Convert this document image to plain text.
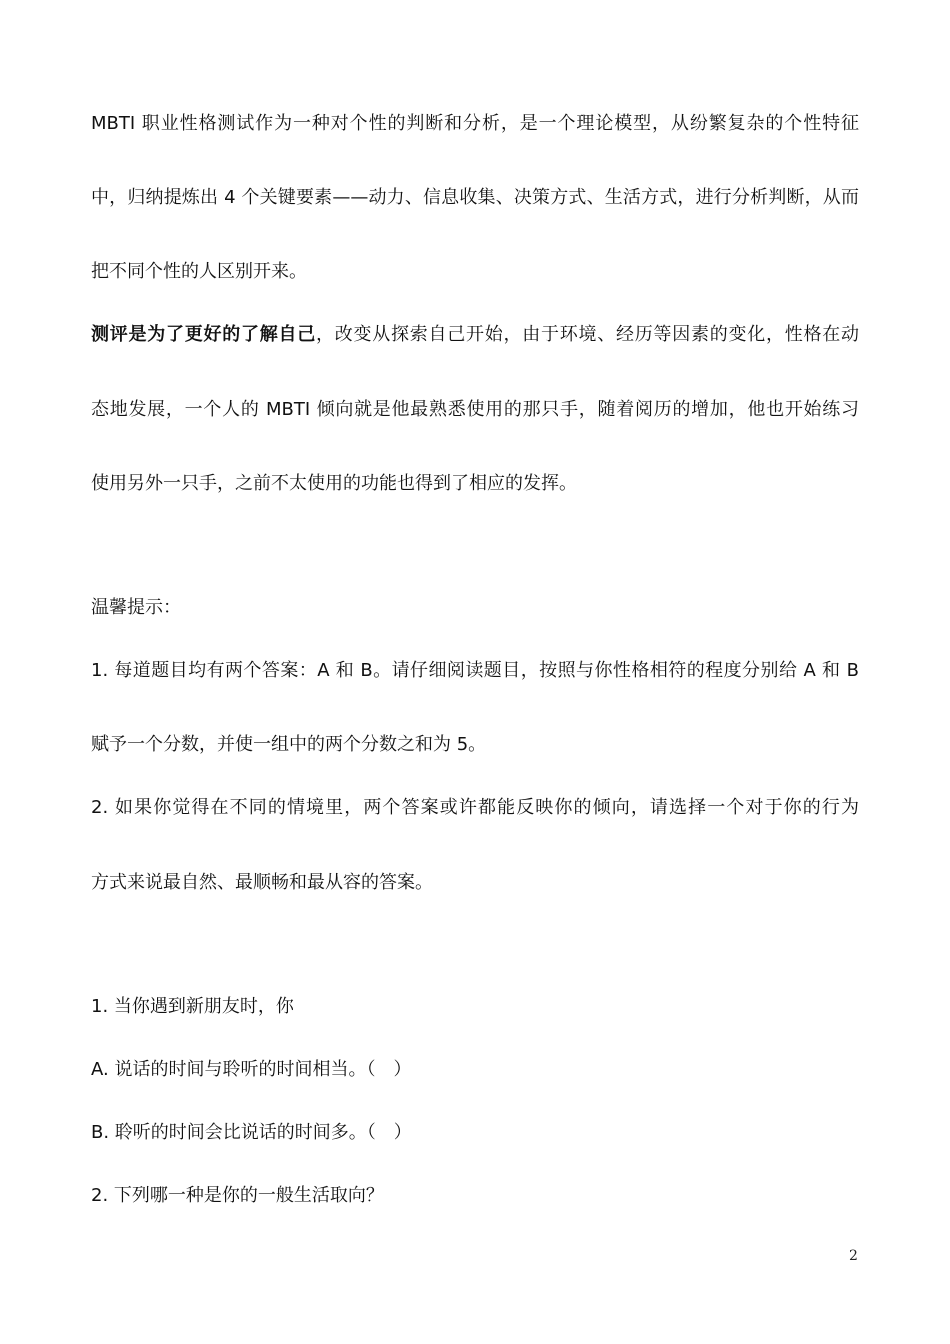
MBTI 职业性格测试作为一种对个性的判断和分析，是一个理论模型，从纷繁复杂的个性特征
中，归纳提炼出 4 个关键要素——动力、信息收集、决策方式、生活方式，进行分析判断，从而
把不同个性的人区别开来。
测评是为了更好的了解自己，改变从探索自己开始，由于环境、经历等因素的变化，性格在动
态地发展，一个人的 MBTI 倾向就是他最熟悉使用的那只手，随着阅历的增加，他也开始练习
使用另外一只手，之前不太使用的功能也得到了相应的发挥。
温馨提示：
1. 每道题目均有两个答案：A 和 B。请仔细阅读题目，按照与你性格相符的程度分别给 A 和 B
赋予一个分数，并使一组中的两个分数之和为 5。
2. 如果你觉得在不同的情境里，两个答案或许都能反映你的倾向，请选择一个对于你的行为
方式来说最自然、最顺畅和最从容的答案。
1. 当你遇到新朋友时，你
A. 说话的时间与聆听的时间相当。（　）
B. 聆听的时间会比说话的时间多。（　）
2. 下列哪一种是你的一般生活取向？
2
